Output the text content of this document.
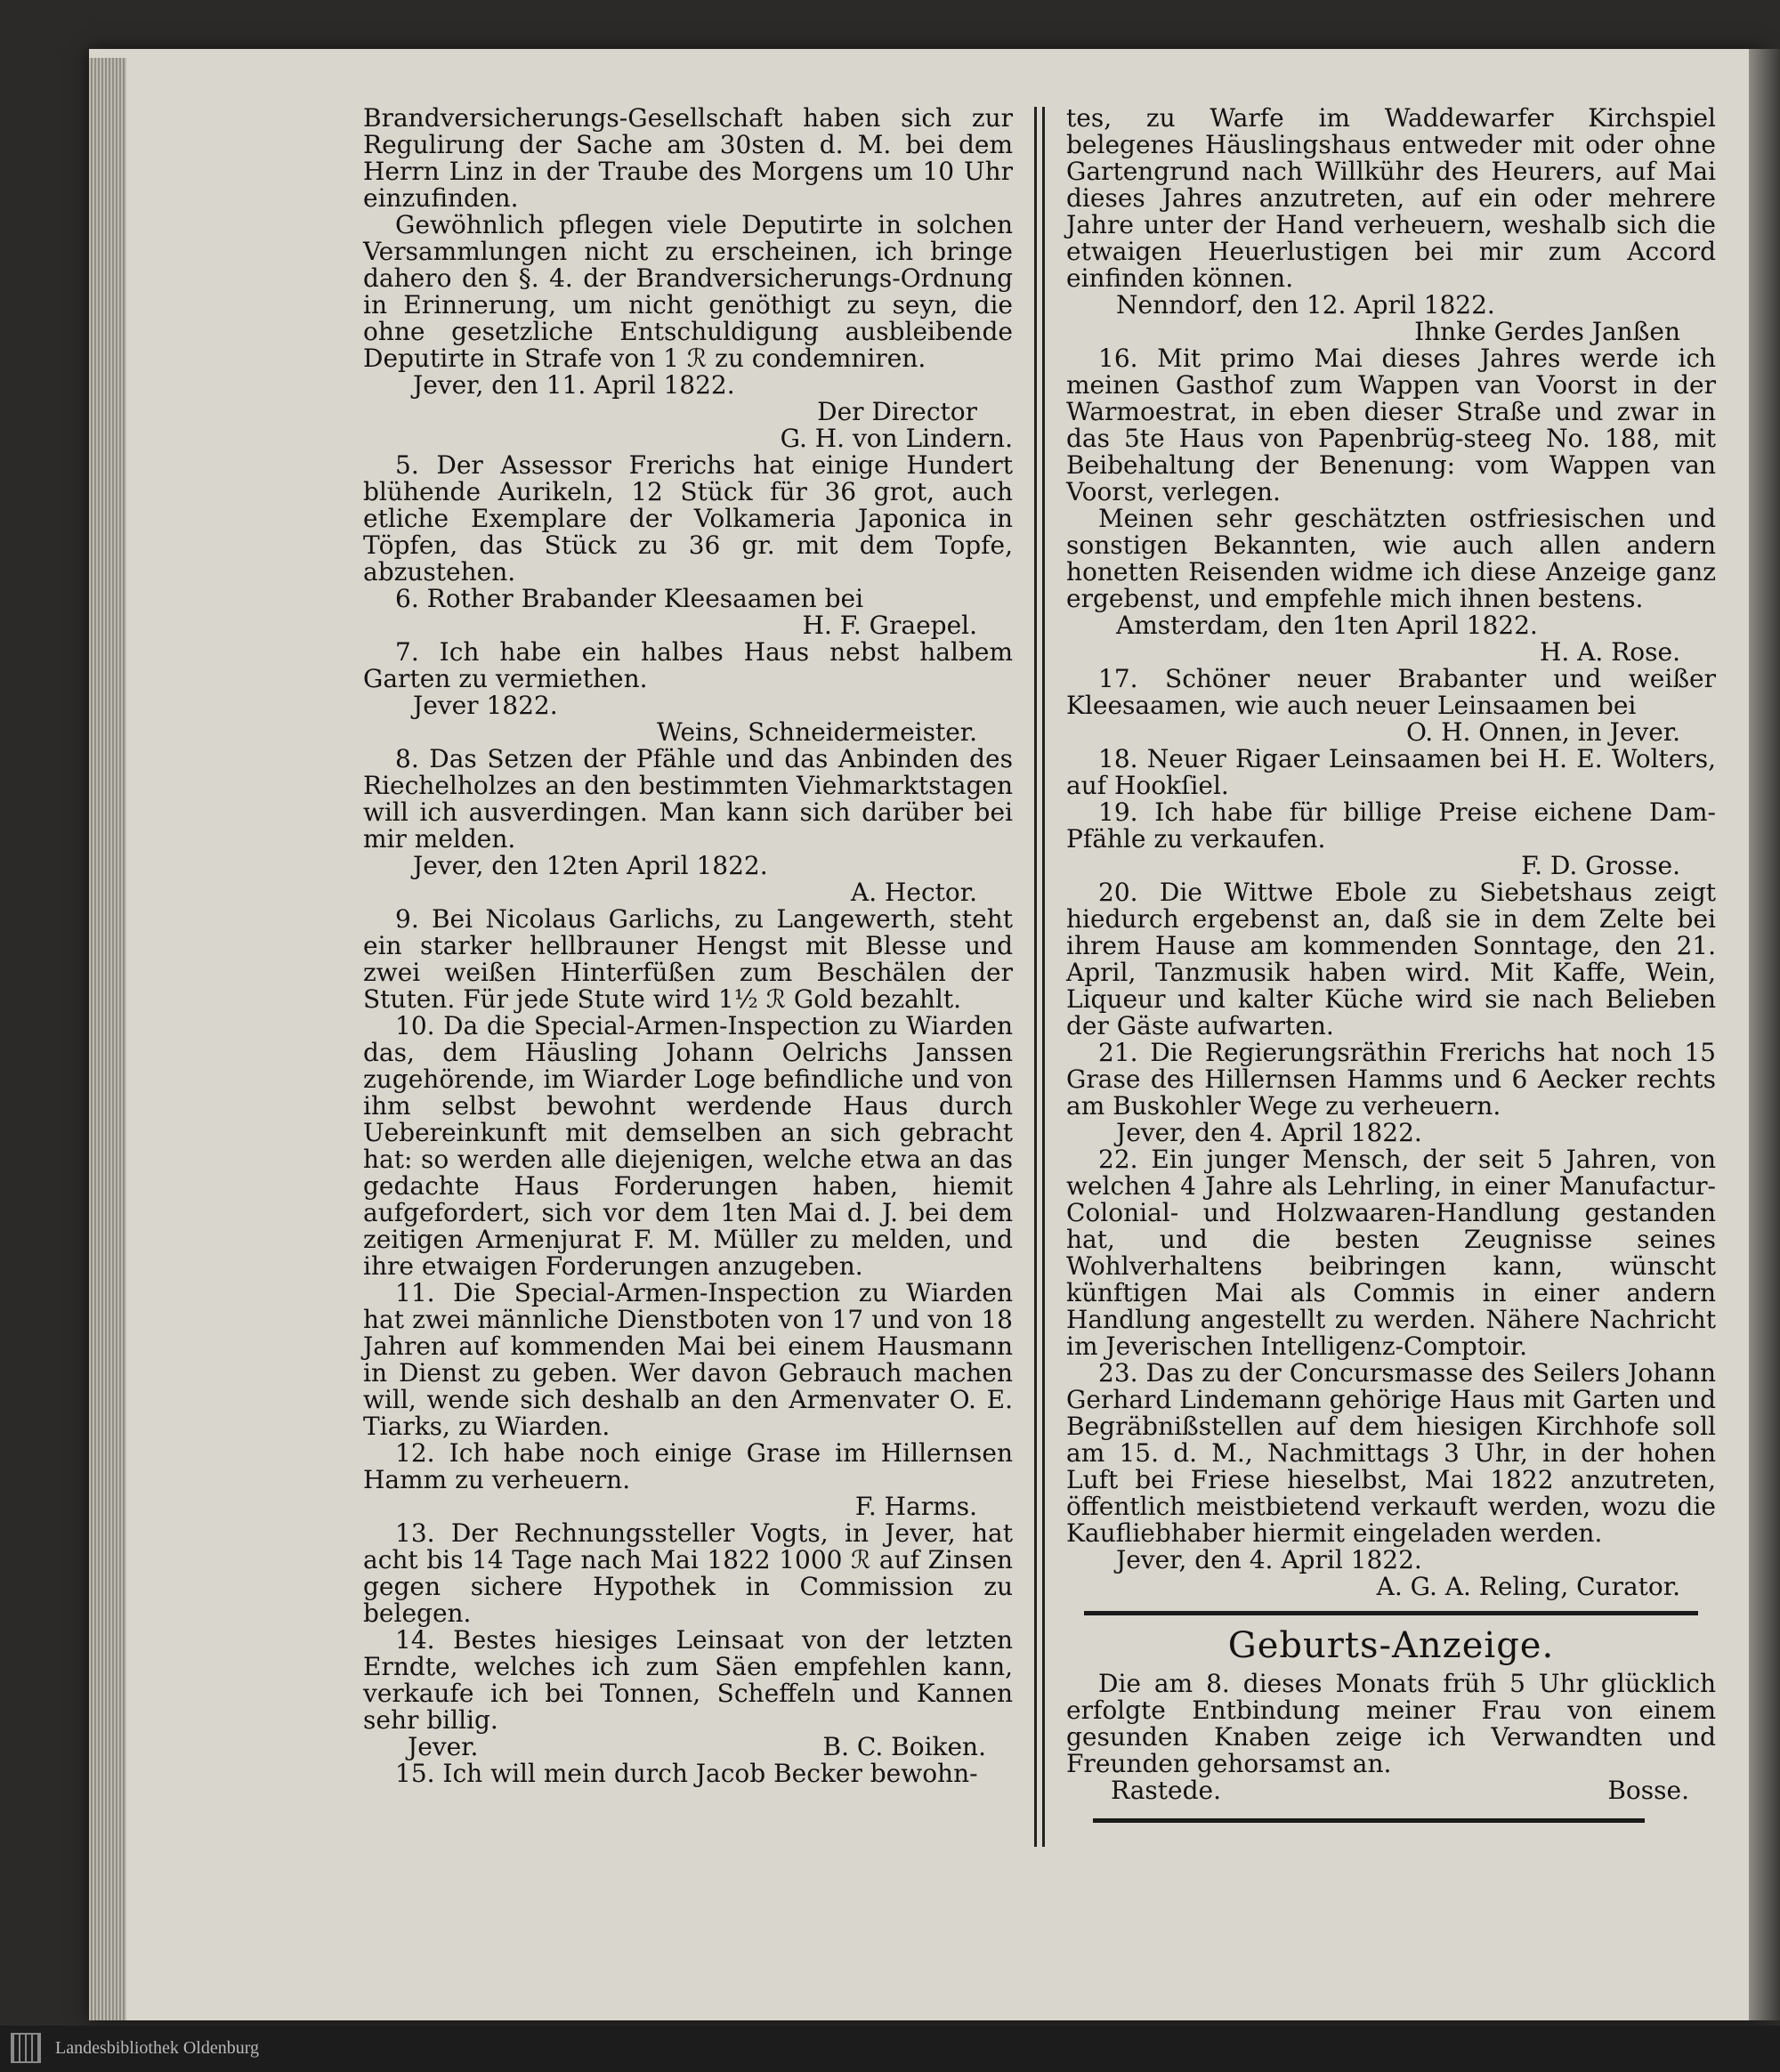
Brandversicherungs-Gesellschaft haben sich zur Regulirung der Sache am 30sten d. M. bei dem Herrn Linz in der Traube des Morgens um 10 Uhr einzufinden.

Gewöhnlich pflegen viele Deputirte in solchen Versammlungen nicht zu erscheinen, ich bringe dahero den §. 4. der Brandversicherungs-Ordnung in Erinnerung, um nicht genöthigt zu seyn, die ohne gesetzliche Entschuldigung ausbleibende Deputirte in Strafe von 1 ℛ zu condemniren.

Jever, den 11. April 1822.

Der Director

G. H. von Lindern.

5. Der Assessor Frerichs hat einige Hundert blühende Aurikeln, 12 Stück für 36 grot, auch etliche Exemplare der Volkameria Japonica in Töpfen, das Stück zu 36 gr. mit dem Topfe, abzustehen.

6. Rother Brabander Kleesaamen bei

H. F. Graepel.

7. Ich habe ein halbes Haus nebst halbem Garten zu vermiethen.

Jever 1822.

Weins, Schneidermeister.

8. Das Setzen der Pfähle und das Anbinden des Riechelholzes an den bestimmten Viehmarktstagen will ich ausverdingen. Man kann sich darüber bei mir melden.

Jever, den 12ten April 1822.

A. Hector.

9. Bei Nicolaus Garlichs, zu Langewerth, steht ein starker hellbrauner Hengst mit Blesse und zwei weißen Hinterfüßen zum Beschälen der Stuten. Für jede Stute wird 1½ ℛ Gold bezahlt.

10. Da die Special-Armen-Inspection zu Wiarden das, dem Häusling Johann Oelrichs Janssen zugehörende, im Wiarder Loge befindliche und von ihm selbst bewohnt werdende Haus durch Uebereinkunft mit demselben an sich gebracht hat: so werden alle diejenigen, welche etwa an das gedachte Haus Forderungen haben, hiemit aufgefordert, sich vor dem 1ten Mai d. J. bei dem zeitigen Armenjurat F. M. Müller zu melden, und ihre etwaigen Forderungen anzugeben.

11. Die Special-Armen-Inspection zu Wiarden hat zwei männliche Dienstboten von 17 und von 18 Jahren auf kommenden Mai bei einem Hausmann in Dienst zu geben. Wer davon Gebrauch machen will, wende sich deshalb an den Armenvater O. E. Tiarks, zu Wiarden.

12. Ich habe noch einige Grase im Hillernsen Hamm zu verheuern.

F. Harms.

13. Der Rechnungssteller Vogts, in Jever, hat acht bis 14 Tage nach Mai 1822 1000 ℛ auf Zinsen gegen sichere Hypothek in Commission zu belegen.

14. Bestes hiesiges Leinsaat von der letzten Erndte, welches ich zum Säen empfehlen kann, verkaufe ich bei Tonnen, Scheffeln und Kannen sehr billig.

Jever.	B. C. Boiken.

15. Ich will mein durch Jacob Becker bewohn-

tes, zu Warfe im Waddewarfer Kirchspiel belegenes Häuslingshaus entweder mit oder ohne Gartengrund nach Willkühr des Heurers, auf Mai dieses Jahres anzutreten, auf ein oder mehrere Jahre unter der Hand verheuern, weshalb sich die etwaigen Heuerlustigen bei mir zum Accord einfinden können.

Nenndorf, den 12. April 1822.

Ihnke Gerdes Janßen

16. Mit primo Mai dieses Jahres werde ich meinen Gasthof zum Wappen van Voorst in der Warmoestrat, in eben dieser Straße und zwar in das 5te Haus von Papenbrüg-steeg No. 188, mit Beibehaltung der Benenung: vom Wappen van Voorst, verlegen.

Meinen sehr geschätzten ostfriesischen und sonstigen Bekannten, wie auch allen andern honetten Reisenden widme ich diese Anzeige ganz ergebenst, und empfehle mich ihnen bestens.

Amsterdam, den 1ten April 1822.

H. A. Rose.

17. Schöner neuer Brabanter und weißer Kleesaamen, wie auch neuer Leinsaamen bei

O. H. Onnen, in Jever.

18. Neuer Rigaer Leinsaamen bei H. E. Wolters, auf Hookſiel.

19. Ich habe für billige Preise eichene Dam-Pfähle zu verkaufen.

F. D. Grosse.

20. Die Wittwe Ebole zu Siebetshaus zeigt hiedurch ergebenst an, daß sie in dem Zelte bei ihrem Hause am kommenden Sonntage, den 21. April, Tanzmusik haben wird. Mit Kaffe, Wein, Liqueur und kalter Küche wird sie nach Belieben der Gäste aufwarten.

21. Die Regierungsräthin Frerichs hat noch 15 Grase des Hillernsen Hamms und 6 Aecker rechts am Buskohler Wege zu verheuern.

Jever, den 4. April 1822.

22. Ein junger Mensch, der seit 5 Jahren, von welchen 4 Jahre als Lehrling, in einer Manufactur-Colonial- und Holzwaaren-Handlung gestanden hat, und die besten Zeugnisse seines Wohlverhaltens beibringen kann, wünscht künftigen Mai als Commis in einer andern Handlung angestellt zu werden. Nähere Nachricht im Jeverischen Intelligenz-Comptoir.

23. Das zu der Concursmasse des Seilers Johann Gerhard Lindemann gehörige Haus mit Garten und Begräbnißstellen auf dem hiesigen Kirchhofe soll am 15. d. M., Nachmittags 3 Uhr, in der hohen Luft bei Friese hieselbst, Mai 1822 anzutreten, öffentlich meistbietend verkauft werden, wozu die Kaufliebhaber hiermit eingeladen werden.

Jever, den 4. April 1822.

A. G. A. Reling, Curator.

Geburts-Anzeige.

Die am 8. dieses Monats früh 5 Uhr glücklich erfolgte Entbindung meiner Frau von einem gesunden Knaben zeige ich Verwandten und Freunden gehorsamst an.

Rastede.	Bosse.
Landesbibliothek Oldenburg
